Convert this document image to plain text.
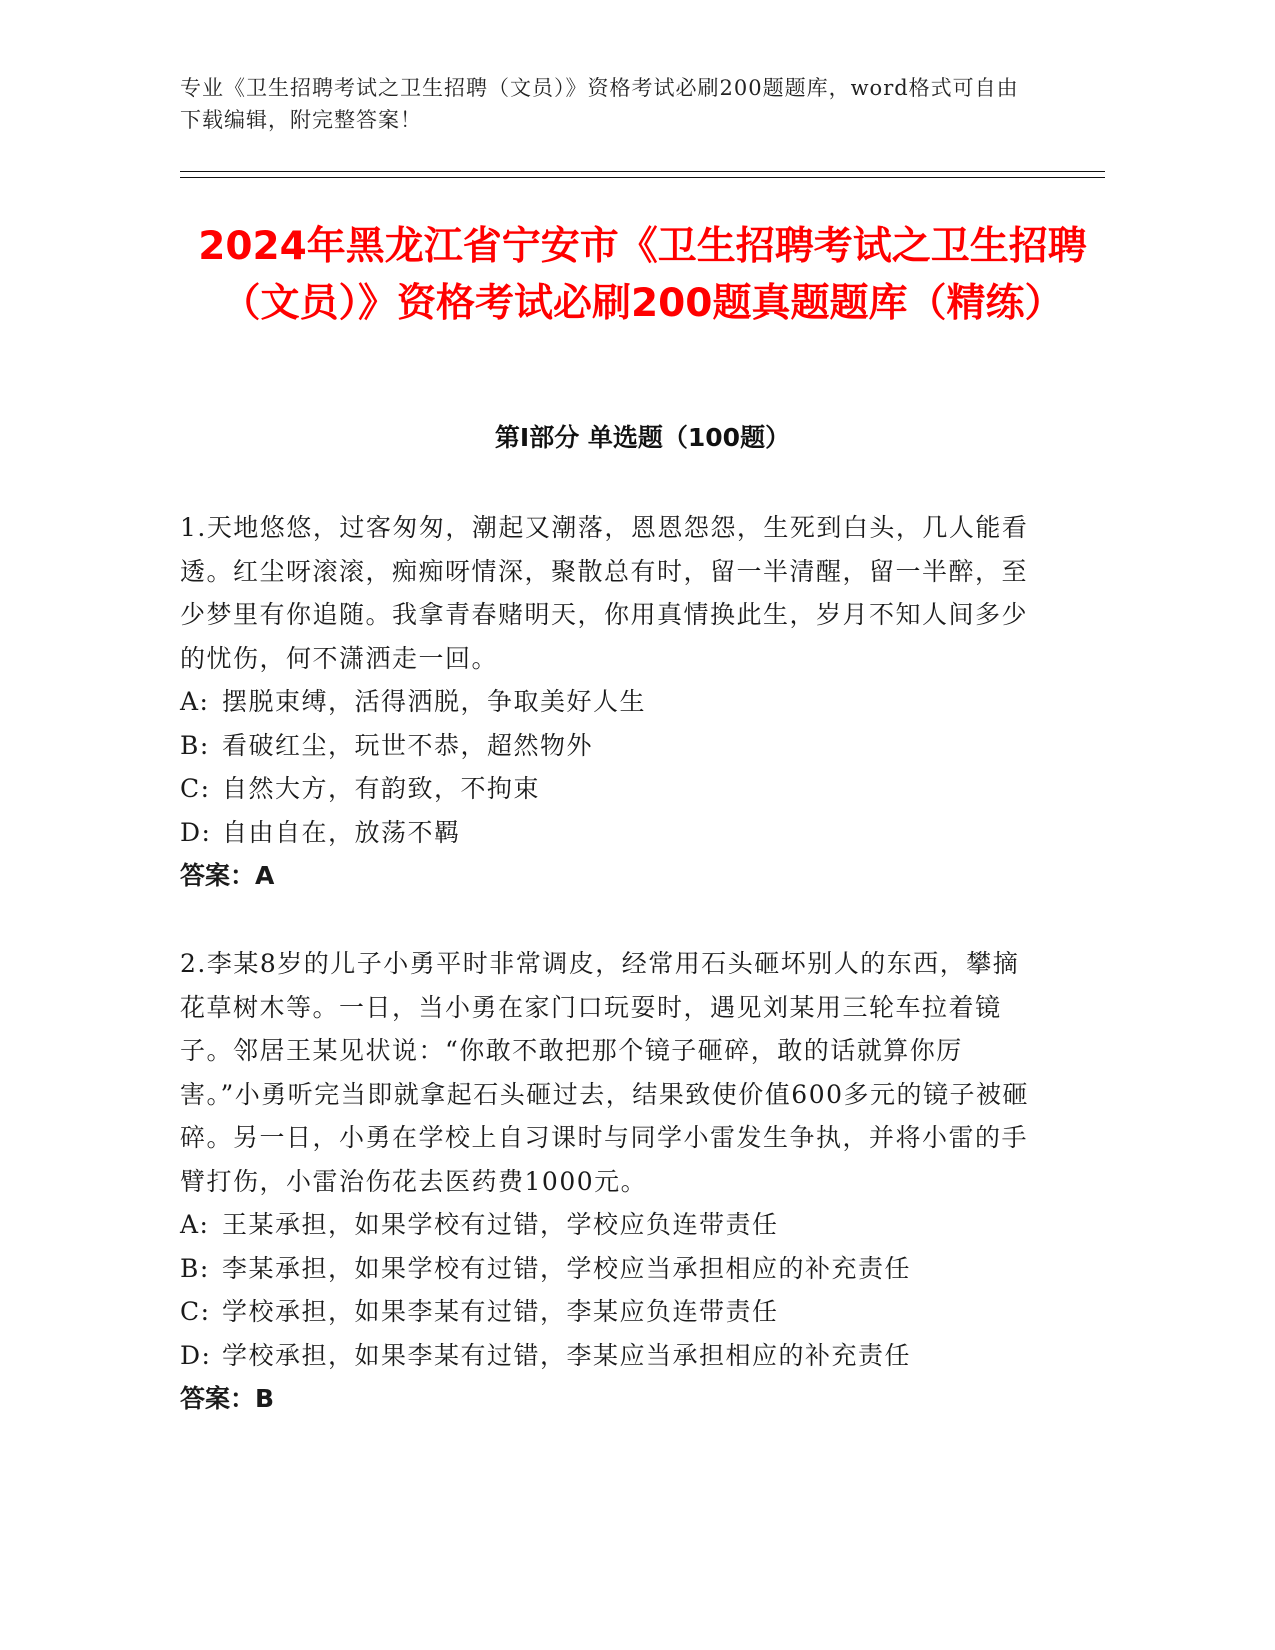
专业《卫生招聘考试之卫生招聘（文员）》资格考试必刷200题题库，word格式可自由下载编辑，附完整答案！
2024年黑龙江省宁安市《卫生招聘考试之卫生招聘（文员）》资格考试必刷200题真题题库（精练）
第I部分 单选题（100题）

1.天地悠悠，过客匆匆，潮起又潮落，恩恩怨怨，生死到白头，几人能看透。红尘呀滚滚，痴痴呀情深，聚散总有时，留一半清醒，留一半醉，至少梦里有你追随。我拿青春赌明天，你用真情换此生，岁月不知人间多少的忧伤，何不潇洒走一回。

A: 摆脱束缚，活得洒脱，争取美好人生

B: 看破红尘，玩世不恭，超然物外

C: 自然大方，有韵致，不拘束

D: 自由自在，放荡不羁

答案：A

2.李某8岁的儿子小勇平时非常调皮，经常用石头砸坏别人的东西，攀摘花草树木等。一日，当小勇在家门口玩耍时，遇见刘某用三轮车拉着镜子。邻居王某见状说：“你敢不敢把那个镜子砸碎，敢的话就算你厉害。”小勇听完当即就拿起石头砸过去，结果致使价值600多元的镜子被砸碎。另一日，小勇在学校上自习课时与同学小雷发生争执，并将小雷的手臂打伤，小雷治伤花去医药费1000元。

A: 王某承担，如果学校有过错，学校应负连带责任

B: 李某承担，如果学校有过错，学校应当承担相应的补充责任

C: 学校承担，如果李某有过错，李某应负连带责任

D: 学校承担，如果李某有过错，李某应当承担相应的补充责任

答案：B
